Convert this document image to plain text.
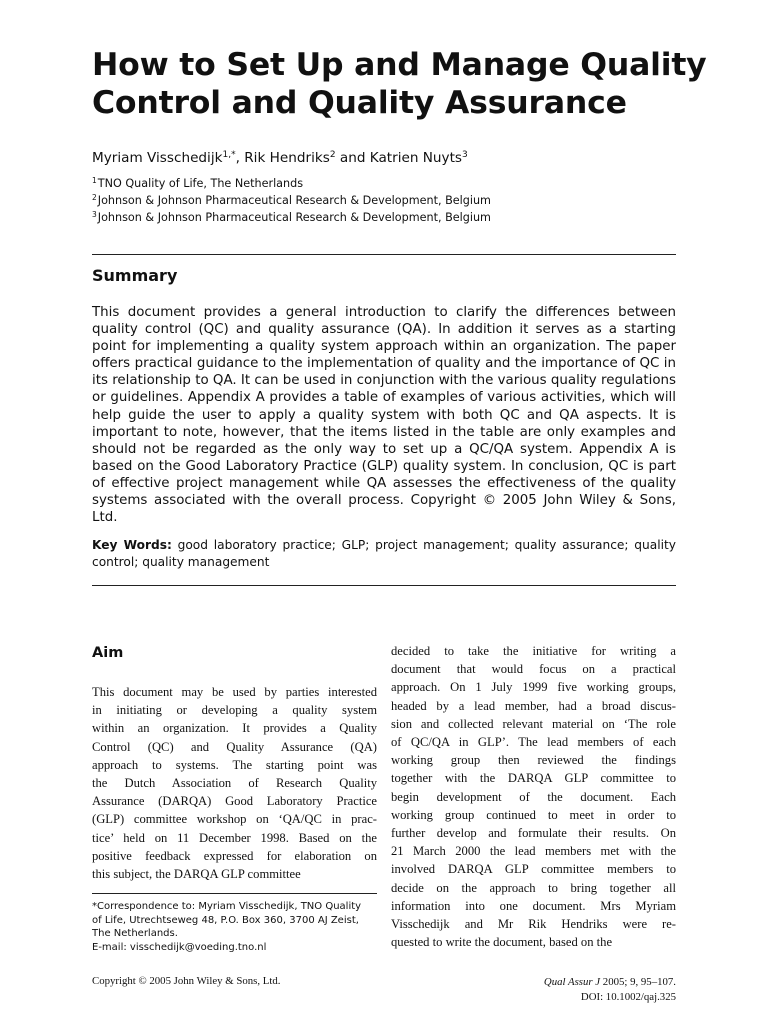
How to Set Up and Manage Quality
Control and Quality Assurance
Myriam Visschedijk$^{1,*}$, Rik Hendriks$^2$ and Katrien Nuyts$^3$
$^1$TNO Quality of Life, The Netherlands
$^2$Johnson & Johnson Pharmaceutical Research & Development, Belgium
$^3$Johnson & Johnson Pharmaceutical Research & Development, Belgium
Summary

This document provides a general introduction to clarify the differences between quality control (QC) and quality assurance (QA). In addition it serves as a starting point for implementing a quality system approach within an organization. The paper offers practical guidance to the implementation of quality and the importance of QC in its relationship to QA. It can be used in conjunction with the various quality regulations or guidelines. Appendix A provides a table of examples of various activities, which will help guide the user to apply a quality system with both QC and QA aspects. It is important to note, however, that the items listed in the table are only examples and should not be regarded as the only way to set up a QC/QA system. Appendix A is based on the Good Laboratory Practice (GLP) quality system. In conclusion, QC is part of effective project management while QA assesses the effectiveness of the quality systems associated with the overall process. Copyright © 2005 John Wiley & Sons, Ltd.

Key Words: good laboratory practice; GLP; project management; quality assurance; quality
control; quality management
Aim
This document may be used by parties interested
in initiating or developing a quality system
within an organization. It provides a Quality
Control (QC) and Quality Assurance (QA)
approach to systems. The starting point was
the Dutch Association of Research Quality
Assurance (DARQA) Good Laboratory Practice
(GLP) committee workshop on ‘QA/QC in prac-
tice’ held on 11 December 1998. Based on the
positive feedback expressed for elaboration on
this subject, the DARQA GLP committee
decided to take the initiative for writing a
document that would focus on a practical
approach. On 1 July 1999 five working groups,
headed by a lead member, had a broad discus-
sion and collected relevant material on ‘The role
of QC/QA in GLP’. The lead members of each
working group then reviewed the findings
together with the DARQA GLP committee to
begin development of the document. Each
working group continued to meet in order to
further develop and formulate their results. On
21 March 2000 the lead members met with the
involved DARQA GLP committee members to
decide on the approach to bring together all
information into one document. Mrs Myriam
Visschedijk and Mr Rik Hendriks were re-
quested to write the document, based on the
*Correspondence to: Myriam Visschedijk, TNO Quality
of Life, Utrechtseweg 48, P.O. Box 360, 3700 AJ Zeist,
The Netherlands.
E-mail: visschedijk@voeding.tno.nl
Copyright © 2005 John Wiley & Sons, Ltd.	Qual Assur J 2005; 9, 95–107.
DOI: 10.1002/qaj.325
